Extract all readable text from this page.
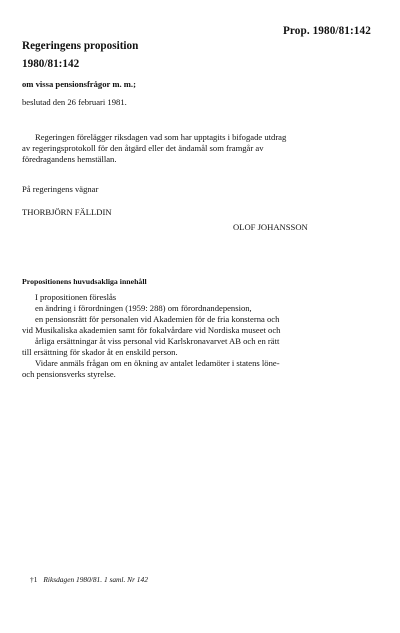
Prop. 1980/81:142
Regeringens proposition
1980/81:142
om vissa pensionsfrågor m. m.;
beslutad den 26 februari 1981.
Regeringen förelägger riksdagen vad som har upptagits i bifogade utdrag
av regeringsprotokoll för den åtgärd eller det ändamål som framgår av
föredragandens hemställan.
På regeringens vägnar
THORBJÖRN FÄLLDIN
OLOF JOHANSSON
Propositionens huvudsakliga innehåll
I propositionen föreslås
en ändring i förordningen (1959: 288) om förordnandepension,
en pensionsrätt för personalen vid Akademien för de fria konsterna och
vid Musikaliska akademien samt för fokalvårdare vid Nordiska museet och
årliga ersättningar åt viss personal vid Karlskronavarvet AB och en rätt
till ersättning för skador åt en enskild person.
Vidare anmäls frågan om en ökning av antalet ledamöter i statens löne-
och pensionsverks styrelse.
†1 Riksdagen 1980/81. 1 saml. Nr 142
